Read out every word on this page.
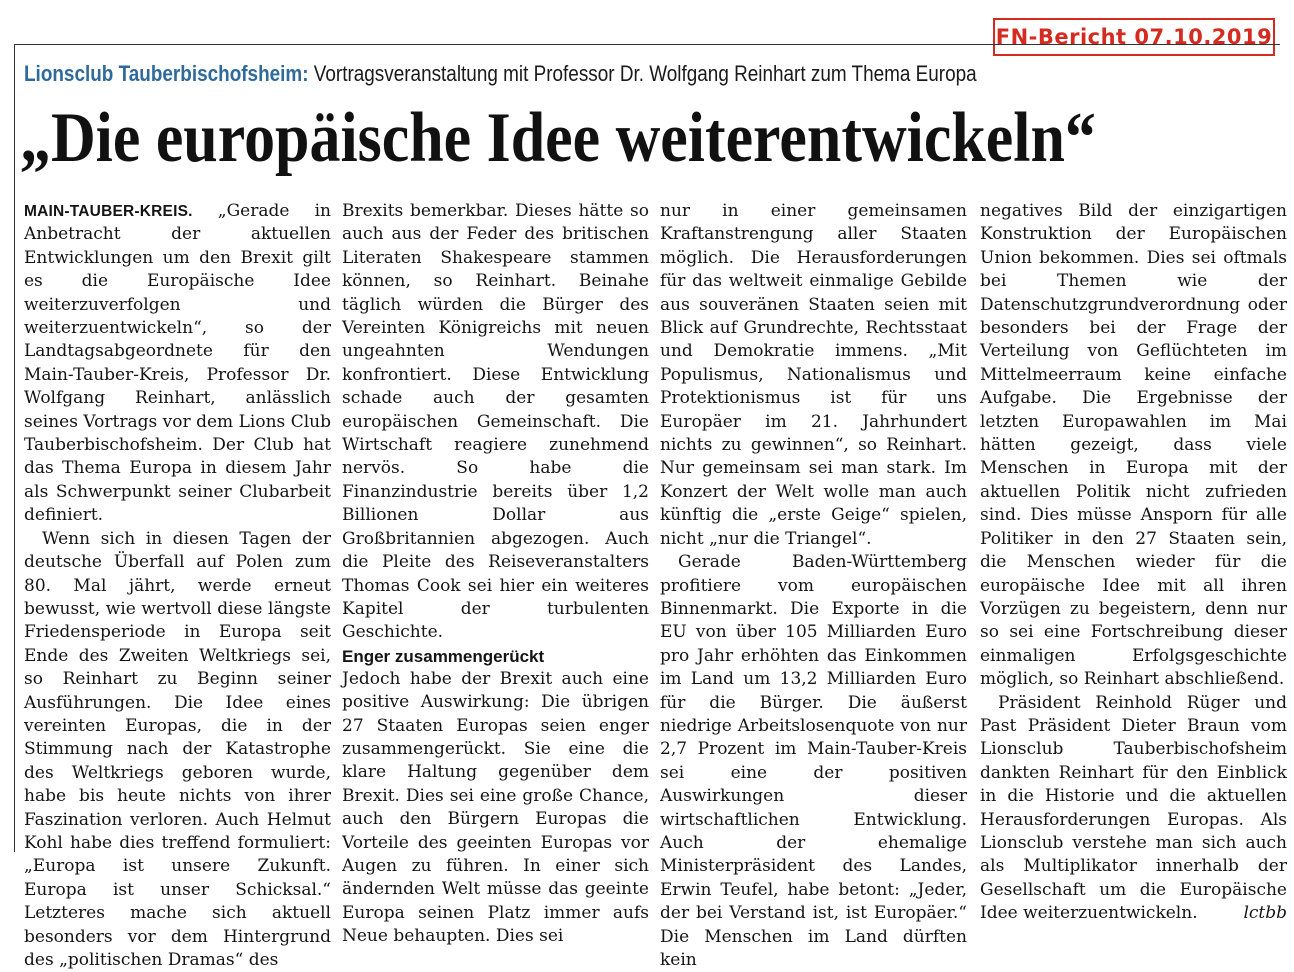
FN-Bericht 07.10.2019
Lionsclub Tauberbischofsheim: Vortragsveranstaltung mit Professor Dr. Wolfgang Reinhart zum Thema Europa
„Die europäische Idee weiterentwickeln“

MAIN-TAUBER-KREIS. „Gerade in Anbetracht der aktuellen Entwicklungen um den Brexit gilt es die Europäische Idee weiterzuverfolgen und weiterzuentwickeln“, so der Landtagsabgeordnete für den Main-Tauber-Kreis, Professor Dr. Wolfgang Reinhart, anlässlich seines Vortrags vor dem Lions Club Tauberbischofsheim. Der Club hat das Thema Europa in diesem Jahr als Schwerpunkt seiner Clubarbeit definiert.

Wenn sich in diesen Tagen der deutsche Überfall auf Polen zum 80. Mal jährt, werde erneut bewusst, wie wertvoll diese längste Friedensperiode in Europa seit Ende des Zweiten Weltkriegs sei, so Reinhart zu Beginn seiner Ausführungen. Die Idee eines vereinten Europas, die in der Stimmung nach der Katastrophe des Weltkriegs geboren wurde, habe bis heute nichts von ihrer Faszination verloren. Auch Helmut Kohl habe dies treffend formuliert: „Europa ist unsere Zukunft. Europa ist unser Schicksal.“ Letzteres mache sich aktuell besonders vor dem Hintergrund des „politischen Dramas“ des

Brexits bemerkbar. Dieses hätte so auch aus der Feder des britischen Literaten Shakespeare stammen können, so Reinhart. Beinahe täglich würden die Bürger des Vereinten Königreichs mit neuen ungeahnten Wendungen konfrontiert. Diese Entwicklung schade auch der gesamten europäischen Gemeinschaft. Die Wirtschaft reagiere zunehmend nervös. So habe die Finanzindustrie bereits über 1,2 Billionen Dollar aus Großbritannien abgezogen. Auch die Pleite des Reiseveranstalters Thomas Cook sei hier ein weiteres Kapitel der turbulenten Geschichte.

Enger zusammengerückt

Jedoch habe der Brexit auch eine positive Auswirkung: Die übrigen 27 Staaten Europas seien enger zusammengerückt. Sie eine die klare Haltung gegenüber dem Brexit. Dies sei eine große Chance, auch den Bürgern Europas die Vorteile des geeinten Europas vor Augen zu führen. In einer sich ändernden Welt müsse das geeinte Europa seinen Platz immer aufs Neue behaupten. Dies sei

nur in einer gemeinsamen Kraftanstrengung aller Staaten möglich. Die Herausforderungen für das weltweit einmalige Gebilde aus souveränen Staaten seien mit Blick auf Grundrechte, Rechtsstaat und Demokratie immens. „Mit Populismus, Nationalismus und Protektionismus ist für uns Europäer im 21. Jahrhundert nichts zu gewinnen“, so Reinhart. Nur gemeinsam sei man stark. Im Konzert der Welt wolle man auch künftig die „erste Geige“ spielen, nicht „nur die Triangel“.

Gerade Baden-Württemberg profitiere vom europäischen Binnenmarkt. Die Exporte in die EU von über 105 Milliarden Euro pro Jahr erhöhten das Einkommen im Land um 13,2 Milliarden Euro für die Bürger. Die äußerst niedrige Arbeitslosenquote von nur 2,7 Prozent im Main-Tauber-Kreis sei eine der positiven Auswirkungen dieser wirtschaftlichen Entwicklung. Auch der ehemalige Ministerpräsident des Landes, Erwin Teufel, habe betont: „Jeder, der bei Verstand ist, ist Europäer.“ Die Menschen im Land dürften kein

negatives Bild der einzigartigen Konstruktion der Europäischen Union bekommen. Dies sei oftmals bei Themen wie der Datenschutzgrundverordnung oder besonders bei der Frage der Verteilung von Geflüchteten im Mittelmeerraum keine einfache Aufgabe. Die Ergebnisse der letzten Europawahlen im Mai hätten gezeigt, dass viele Menschen in Europa mit der aktuellen Politik nicht zufrieden sind. Dies müsse Ansporn für alle Politiker in den 27 Staaten sein, die Menschen wieder für die europäische Idee mit all ihren Vorzügen zu begeistern, denn nur so sei eine Fortschreibung dieser einmaligen Erfolgsgeschichte möglich, so Reinhart abschließend.

Präsident Reinhold Rüger und Past Präsident Dieter Braun vom Lionsclub Tauberbischofsheim dankten Reinhart für den Einblick in die Historie und die aktuellen Herausforderungen Europas. Als Lionsclub verstehe man sich auch als Multiplikator innerhalb der Gesellschaft um die Europäische Idee weiterzuentwickeln.	lctbb
